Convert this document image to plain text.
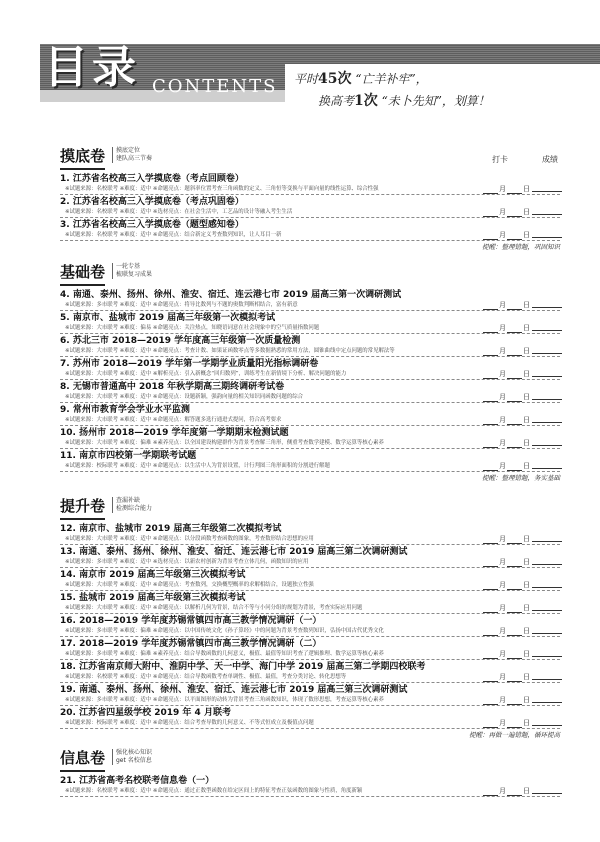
目录 CONTENTS 平时45次 “亡羊补牢”，
换高考1次 “未卜先知”，划算！
摸底卷 摸底定位
建队高三节奏	打卡	成绩
1. 江苏省名校高三入学摸底卷（考点回顾卷）
※试题来源：名校联考 ※难度：适中 ※命题亮点：题斜率位置考查三角函数的定义、三角恒等变换与平面向量的线性运算、综合性强	月 日
2. 江苏省名校高三入学摸底卷（考点巩固卷）
※试题来源：名校联考 ※难度：适中 ※选材亮点：在社会生活中，工艺品的设计等融入考生生活	月 日
3. 江苏省名校高三入学摸底卷（题型感知卷）
※试题来源：名校联考 ※难度：适中 ※命题亮点：结合新定义考查数列知识，让人耳目一新	月 日
提醒：整理错题，巩固知识
基础卷 一轮专基
梳联复习成果
4. 南通、泰州、扬州、徐州、淮安、宿迁、连云港七市 2019 届高三第一次调研测试
※试题来源：多市联考 ※难度：适中 ※命题亮点：将导比数列与不题的奥数判断相结合，富有新意	月 日
5. 南京市、盐城市 2019 届高三年级第一次模拟考试
※试题来源：大市联考 ※难度：偏易 ※命题亮点：关注热点，知晓语词意在社会现象中的空气质量指数问题	月 日
6. 苏北三市 2018—2019 学年度高三年级第一次质量检测
※试题来源：大市联考 ※难度：适中 ※命题亮点：考查计数、如果证函数零点等多数据熟悉的常用方法，圆锥曲线中定点问题的常见解法等	月 日
7. 苏州市 2018—2019 学年第一学期学业质量阳光指标调研卷
※试题来源：大市联考 ※难度：适中 ※解析亮点：引入新概念“回归数列”，训练考生在新情境下分析、解决问题的能力	月 日
8. 无锡市普通高中 2018 年秋学期高三期终调研考试卷
※试题来源：大市联考 ※难度：适中 ※命题亮点：设题新颖，强韵向量的相关知识同函数问题的综合	月 日
9. 常州市教育学会学业水平监测
※试题来源：大市联考 ※难度：适中 ※命题亮点：解答题多选行通进式提问，符合高考要求	月 日
10. 扬州市 2018—2019 学年度第一学期期末检测试题
※试题来源：大市联考 ※难度：偏难 ※素养亮点：以全国建设构建群作为背景考查解三角形，侧重考查数学建模、数学运算等核心素养	月 日
11. 南京市四校第一学期联考试题
※试题来源：校际联考 ※难度：适中 ※命题亮点：以生活中人为背景设置，计行判图三角形面积的分割进行解题	月 日
提醒：整理错题，务实基础
提升卷 查漏补缺
检测综合能力
12. 南京市、盐城市 2019 届高三年级第二次模拟考试
※试题来源：大市联考 ※难度：适中 ※命题亮点：以分段函数考查函数的图象，考查数形结合思想的应用	月 日
13. 南通、泰州、扬州、徐州、淮安、宿迁、连云港七市 2019 届高三第二次调研测试
※试题来源：多市联考 ※难度：适中 ※选材亮点：以新农村创新为背景考查立体几何，函数知识的应用	月 日
14. 南京市 2019 届高三年级第三次模拟考试
※试题来源：大市联考 ※难度：适中 ※命题亮点：考查数列，交换概型概率的求解相结合，设题独立性强	月 日
15. 盐城市 2019 届高三年级第三次模拟考试
※试题来源：大市联考 ※难度：适中 ※命题亮点：以解析几何为背景，结合不等与小问分组的规划为背景，考查实际应用问题	月 日
16. 2018—2019 学年度苏锡常镇四市高三教学情况调研（一）
※试题来源：多市联考 ※难度：偏难 ※命题亮点：以中国传统文化《孙子算经》中的问题为背景考查数列知识，弘扬中国古代优秀文化	月 日
17. 2018—2019 学年度苏锡常镇四市高三教学情况调研（二）
※试题来源：多市联考 ※难度：偏难 ※素养亮点：结合导数函数的几何意义，极值、最值等知识考查了逻辑推理、数学运算等核心素养	月 日
18. 江苏省南京师大附中、淮阴中学、天一中学、海门中学 2019 届高三第二学期四校联考
※试题来源：名校联考 ※难度：适中 ※命题亮点：结合导数函数考查单调性、极值、最值，考查分类讨论、转化思想等	月 日
19. 南通、泰州、扬州、徐州、淮安、宿迁、连云港七市 2019 届高三第三次调研测试
※试题来源：多市联考 ※难度：适中 ※命题亮点：以平面图形的动转为背景考查三角函数知识，体现了数形思想，考查运算等核心素养	月 日
20. 江苏省四星级学校 2019 年 4 月联考
※试题来源：校际联考 ※难度：适中 ※命题亮点：结合考查导数的几何意义、不等式恒成立及极值点问题	月 日
提醒：再做一遍错题，循环提高
信息卷 强化核心知识
get 名校信息
21. 江苏省高考名校联考信息卷（一）
※试题来源：名校联考 ※难度：适中 ※命题亮点：通过正数型函数在给定区间上的特征考查正弦函数的图象与性质，角度新颖	月 日
